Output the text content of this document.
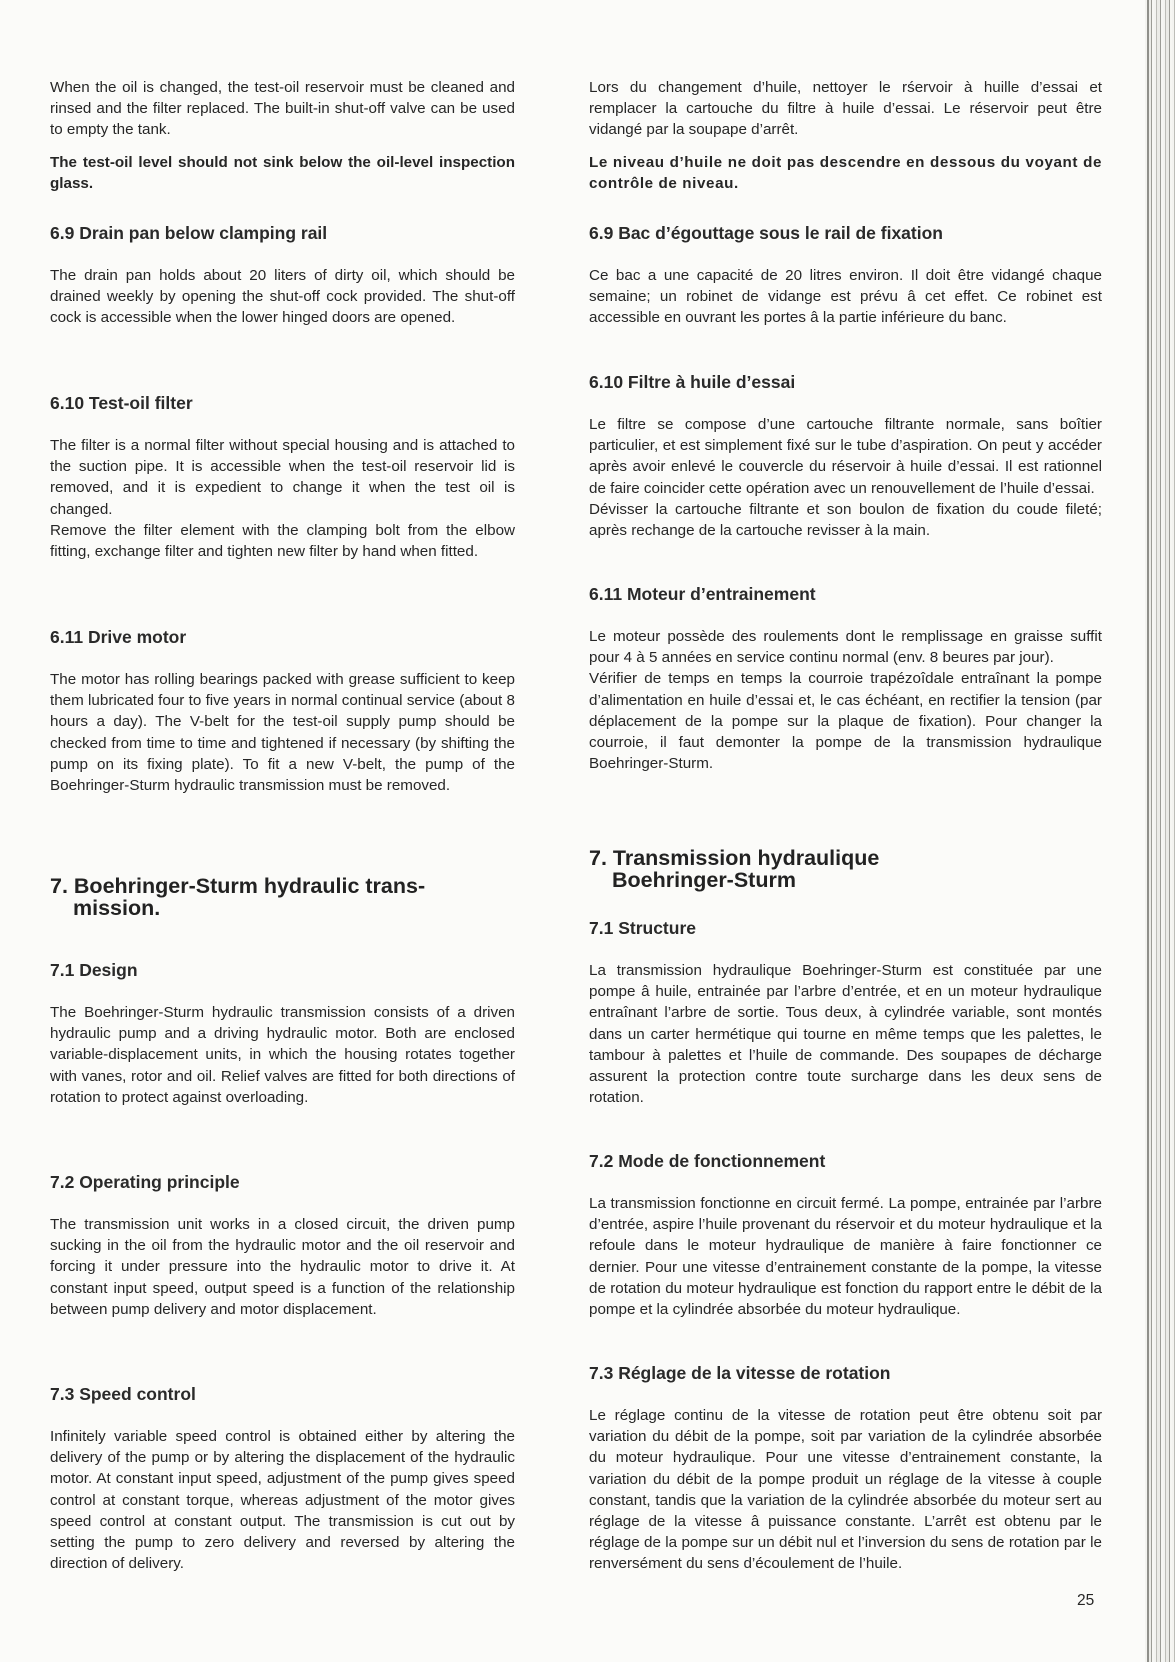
When the oil is changed, the test-oil reservoir must be cleaned and rinsed and the filter replaced. The built-in shut-off valve can be used to empty the tank.

The test-oil level should not sink below the oil-level inspection glass.

6.9 Drain pan below clamping rail

The drain pan holds about 20 liters of dirty oil, which should be drained weekly by opening the shut-off cock provided. The shut-off cock is accessible when the lower hinged doors are opened.

6.10 Test-oil filter

The filter is a normal filter without special housing and is attached to the suction pipe. It is accessible when the test-oil reservoir lid is removed, and it is expedient to change it when the test oil is changed.

Remove the filter element with the clamping bolt from the elbow fitting, exchange filter and tighten new filter by hand when fitted.

6.11 Drive motor

The motor has rolling bearings packed with grease sufficient to keep them lubricated four to five years in normal continual service (about 8 hours a day). The V-belt for the test-oil supply pump should be checked from time to time and tightened if necessary (by shifting the pump on its fixing plate). To fit a new V-belt, the pump of the Boehringer-Sturm hydraulic transmission must be removed.

7. Boehringer-Sturm hydraulic trans-
mission.
7.1 Design

The Boehringer-Sturm hydraulic transmission consists of a driven hydraulic pump and a driving hydraulic motor. Both are enclosed variable-displacement units, in which the housing rotates together with vanes, rotor and oil. Relief valves are fitted for both directions of rotation to protect against overloading.

7.2 Operating principle

The transmission unit works in a closed circuit, the driven pump sucking in the oil from the hydraulic motor and the oil reservoir and forcing it under pressure into the hydraulic motor to drive it. At constant input speed, output speed is a function of the relationship between pump delivery and motor displacement.

7.3 Speed control

Infinitely variable speed control is obtained either by altering the delivery of the pump or by altering the displacement of the hydraulic motor. At constant input speed, adjustment of the pump gives speed control at constant torque, whereas adjustment of the motor gives speed control at constant output. The transmission is cut out by setting the pump to zero delivery and reversed by altering the direction of delivery.

Lors du changement d’huile, nettoyer le rśervoir à huille d’essai et remplacer la cartouche du filtre à huile d’essai. Le réservoir peut être vidangé par la soupape d’arrêt.

Le niveau d’huile ne doit pas descendre en dessous du voyant de contrôle de niveau.

6.9 Bac d’égouttage sous le rail de fixation

Ce bac a une capacité de 20 litres environ. Il doit être vidangé chaque semaine; un robinet de vidange est prévu â cet effet. Ce robinet est accessible en ouvrant les portes â la partie inférieure du banc.

6.10 Filtre à huile d’essai

Le filtre se compose d’une cartouche filtrante normale, sans boîtier particulier, et est simplement fixé sur le tube d’aspiration. On peut y accéder après avoir enlevé le couvercle du réservoir à huile d’essai. Il est rationnel de faire coincider cette opération avec un renouvellement de l’huile d’essai.

Dévisser la cartouche filtrante et son boulon de fixation du coude fileté; après rechange de la cartouche revisser à la main.

6.11 Moteur d’entrainement

Le moteur possède des roulements dont le remplissage en graisse suffit pour 4 à 5 années en service continu normal (env. 8 beures par jour).

Vérifier de temps en temps la courroie trapézoîdale entraînant la pompe d’alimentation en huile d’essai et, le cas échéant, en rectifier la tension (par déplacement de la pompe sur la plaque de fixation). Pour changer la courroie, il faut demonter la pompe de la transmission hydraulique Boehringer-Sturm.

7. Transmission hydraulique
Boehringer-Sturm
7.1 Structure

La transmission hydraulique Boehringer-Sturm est constituée par une pompe â huile, entrainée par l’arbre d’entrée, et en un moteur hydraulique entraînant l’arbre de sortie. Tous deux, à cylindrée variable, sont montés dans un carter hermétique qui tourne en même temps que les palettes, le tambour à palettes et l’huile de commande. Des soupapes de décharge assurent la protection contre toute surcharge dans les deux sens de rotation.

7.2 Mode de fonctionnement

La transmission fonctionne en circuit fermé. La pompe, entrainée par l’arbre d’entrée, aspire l’huile provenant du réservoir et du moteur hydraulique et la refoule dans le moteur hydraulique de manière à faire fonctionner ce dernier. Pour une vitesse d’entrainement constante de la pompe, la vitesse de rotation du moteur hydraulique est fonction du rapport entre le débit de la pompe et la cylindrée absorbée du moteur hydraulique.

7.3 Réglage de la vitesse de rotation

Le réglage continu de la vitesse de rotation peut être obtenu soit par variation du débit de la pompe, soit par variation de la cylindrée absorbée du moteur hydraulique. Pour une vitesse d’entrainement constante, la variation du débit de la pompe produit un réglage de la vitesse à couple constant, tandis que la variation de la cylindrée absorbée du moteur sert au réglage de la vitesse â puissance constante. L’arrêt est obtenu par le réglage de la pompe sur un débit nul et l’inversion du sens de rotation par le renversément du sens d’écoulement de l’huile.

25
